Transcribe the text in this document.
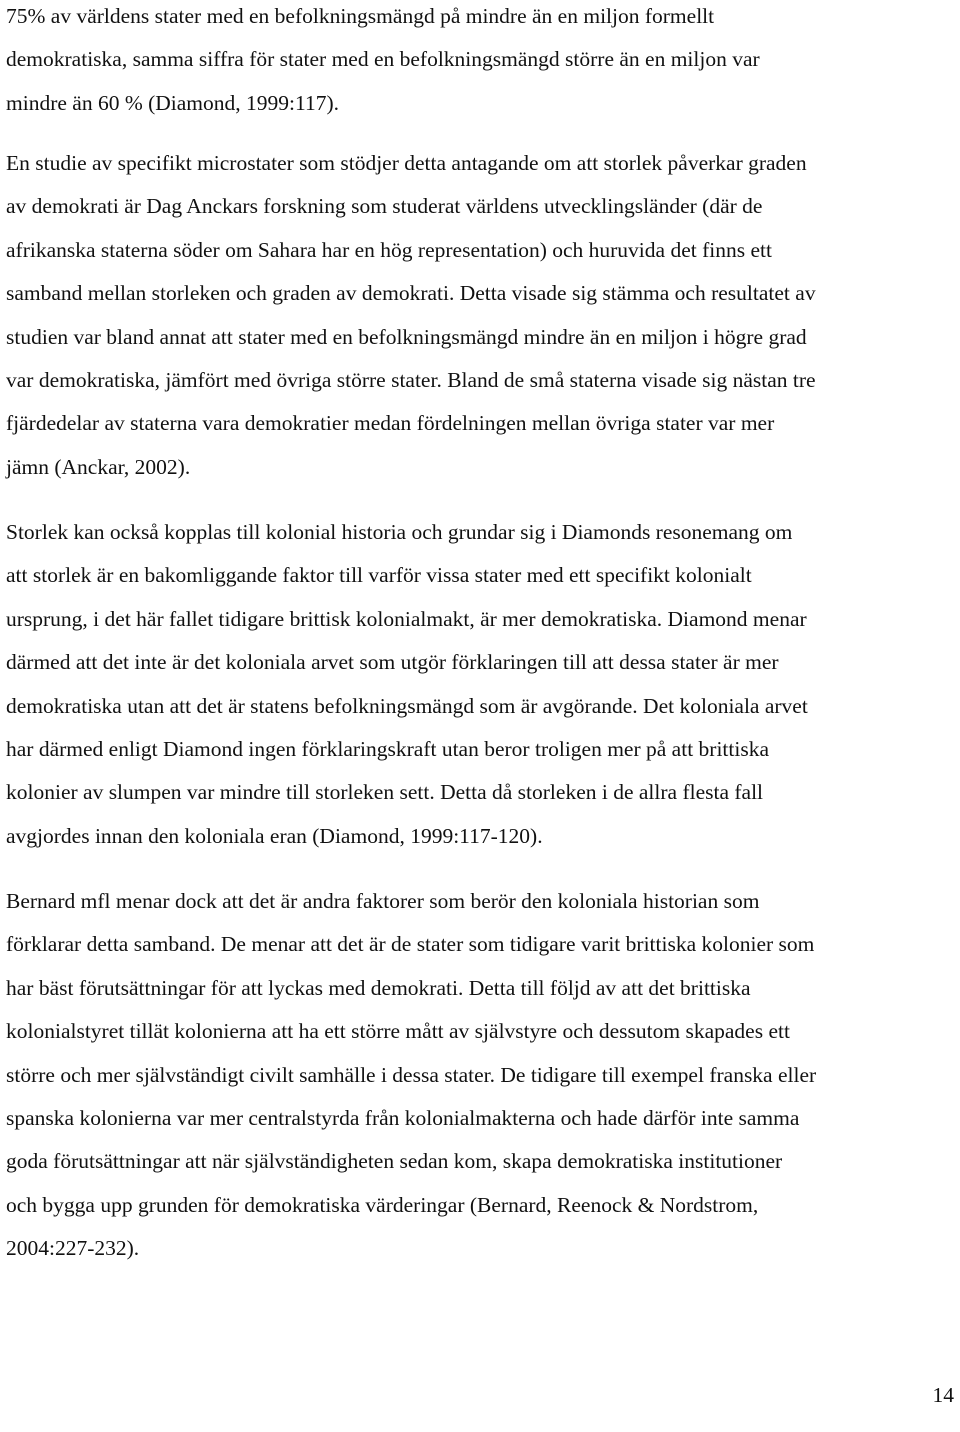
75% av världens stater med en befolkningsmängd på mindre än en miljon formellt
demokratiska, samma siffra för stater med en befolkningsmängd större än en miljon var
mindre än 60 % (Diamond, 1999:117).

En studie av specifikt microstater som stödjer detta antagande om att storlek påverkar graden
av demokrati är Dag Anckars forskning som studerat världens utvecklingsländer (där de
afrikanska staterna söder om Sahara har en hög representation) och huruvida det finns ett
samband mellan storleken och graden av demokrati. Detta visade sig stämma och resultatet av
studien var bland annat att stater med en befolkningsmängd mindre än en miljon i högre grad
var demokratiska, jämfört med övriga större stater. Bland de små staterna visade sig nästan tre
fjärdedelar av staterna vara demokratier medan fördelningen mellan övriga stater var mer
jämn (Anckar, 2002).

Storlek kan också kopplas till kolonial historia och grundar sig i Diamonds resonemang om
att storlek är en bakomliggande faktor till varför vissa stater med ett specifikt kolonialt
ursprung, i det här fallet tidigare brittisk kolonialmakt, är mer demokratiska. Diamond menar
därmed att det inte är det koloniala arvet som utgör förklaringen till att dessa stater är mer
demokratiska utan att det är statens befolkningsmängd som är avgörande. Det koloniala arvet
har därmed enligt Diamond ingen förklaringskraft utan beror troligen mer på att brittiska
kolonier av slumpen var mindre till storleken sett. Detta då storleken i de allra flesta fall
avgjordes innan den koloniala eran (Diamond, 1999:117-120).

Bernard mfl menar dock att det är andra faktorer som berör den koloniala historian som
förklarar detta samband. De menar att det är de stater som tidigare varit brittiska kolonier som
har bäst förutsättningar för att lyckas med demokrati. Detta till följd av att det brittiska
kolonialstyret tillät kolonierna att ha ett större mått av självstyre och dessutom skapades ett
större och mer självständigt civilt samhälle i dessa stater. De tidigare till exempel franska eller
spanska kolonierna var mer centralstyrda från kolonialmakterna och hade därför inte samma
goda förutsättningar att när självständigheten sedan kom, skapa demokratiska institutioner
och bygga upp grunden för demokratiska värderingar (Bernard, Reenock & Nordstrom,
2004:227-232).

14
